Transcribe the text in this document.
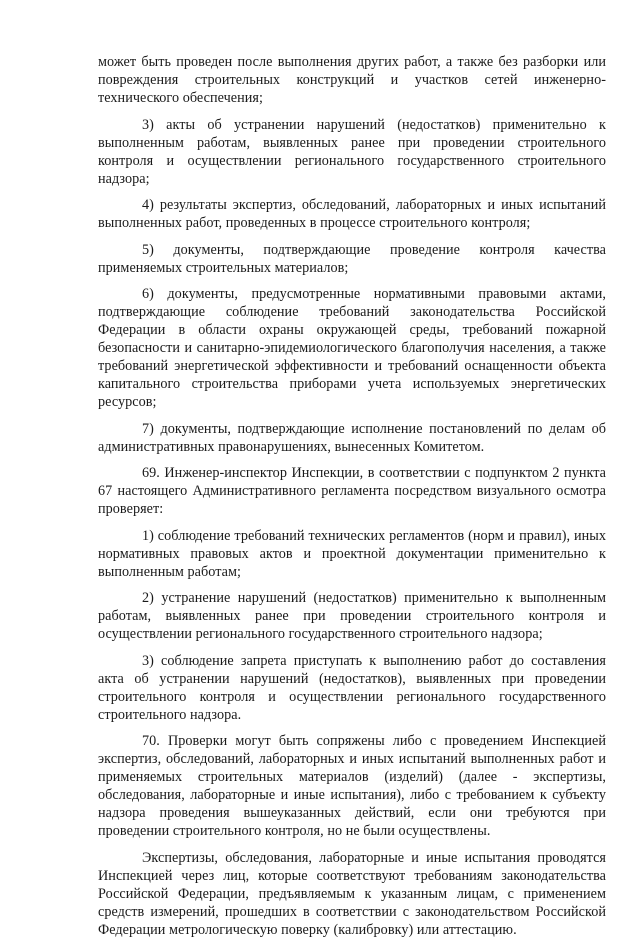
может быть проведен после выполнения других работ, а также без разборки или повреждения строительных конструкций и участков сетей инженерно-технического обеспечения;

3) акты об устранении нарушений (недостатков) применительно к выполненным работам, выявленных ранее при проведении строительного контроля и осуществлении регионального государственного строительного надзора;

4) результаты экспертиз, обследований, лабораторных и иных испытаний выполненных работ, проведенных в процессе строительного контроля;

5) документы, подтверждающие проведение контроля качества применяемых строительных материалов;

6) документы, предусмотренные нормативными правовыми актами, подтверждающие соблюдение требований законодательства Российской Федерации в области охраны окружающей среды, требований пожарной безопасности и санитарно-эпидемиологического благополучия населения, а также требований энергетической эффективности и требований оснащенности объекта капитального строительства приборами учета используемых энергетических ресурсов;

7) документы, подтверждающие исполнение постановлений по делам об административных правонарушениях, вынесенных Комитетом.

69. Инженер-инспектор Инспекции, в соответствии с подпунктом 2 пункта 67 настоящего Административного регламента посредством визуального осмотра проверяет:

1) соблюдение требований технических регламентов (норм и правил), иных нормативных правовых актов и проектной документации применительно к выполненным работам;

2) устранение нарушений (недостатков) применительно к выполненным работам, выявленных ранее при проведении строительного контроля и осуществлении регионального государственного строительного надзора;

3) соблюдение запрета приступать к выполнению работ до составления акта об устранении нарушений (недостатков), выявленных при проведении строительного контроля и осуществлении регионального государственного строительного надзора.

70. Проверки могут быть сопряжены либо с проведением Инспекцией экспертиз, обследований, лабораторных и иных испытаний выполненных работ и применяемых строительных материалов (изделий) (далее - экспертизы, обследования, лабораторные и иные испытания), либо с требованием к субъекту надзора проведения вышеуказанных действий, если они требуются при проведении строительного контроля, но не были осуществлены.

Экспертизы, обследования, лабораторные и иные испытания проводятся Инспекцией через лиц, которые соответствуют требованиям законодательства Российской Федерации, предъявляемым к указанным лицам, с применением средств измерений, прошедших в соответствии с законодательством Российской Федерации метрологическую поверку (калибровку) или аттестацию.
